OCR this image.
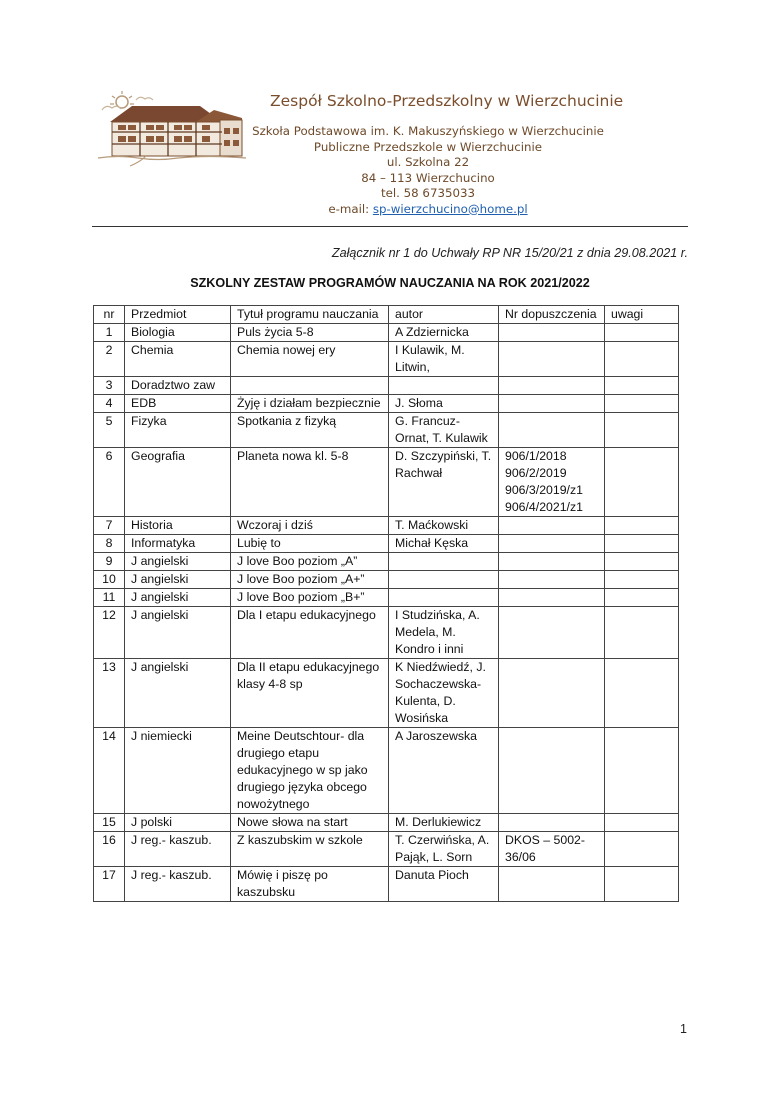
Zespół Szkolno-Przedszkolny w Wierzchucinie
Szkoła Podstawowa im. K. Makuszyńskiego w Wierzchucinie
Publiczne Przedszkole w Wierzchucinie
ul. Szkolna 22
84 – 113 Wierzchucino
tel. 58 6735033
e-mail: sp-wierzchucino@home.pl
Załącznik nr 1 do Uchwały RP NR 15/20/21 z dnia 29.08.2021 r.
SZKOLNY ZESTAW PROGRAMÓW NAUCZANIA NA ROK 2021/2022
nr	Przedmiot	Tytuł programu nauczania	autor	Nr dopuszczenia	uwagi
1	Biologia	Puls życia 5-8	A Zdziernicka		
2	Chemia	Chemia nowej ery	I Kulawik, M. Litwin,		
3	Doradztwo zaw				
4	EDB	Żyję i działam bezpiecznie	J. Słoma		
5	Fizyka	Spotkania z fizyką	G. Francuz-Ornat, T. Kulawik		
6	Geografia	Planeta nowa kl. 5-8	D. Szczypiński, T. Rachwał	906/1/2018 906/2/2019 906/3/2019/z1 906/4/2021/z1	
7	Historia	Wczoraj i dziś	T. Maćkowski		
8	Informatyka	Lubię to	Michał Kęska		
9	J angielski	J love Boo poziom „A”			
10	J angielski	J love Boo poziom „A+”			
11	J angielski	J love Boo poziom „B+”			
12	J angielski	Dla I etapu edukacyjnego	I Studzińska, A. Medela, M. Kondro i inni		
13	J angielski	Dla II etapu edukacyjnego klasy 4-8 sp	K Niedźwiedź, J. Sochaczewska-Kulenta, D. Wosińska		
14	J niemiecki	Meine Deutschtour- dla drugiego etapu edukacyjnego w sp jako drugiego języka obcego nowożytnego	A Jaroszewska		
15	J polski	Nowe słowa na start	M. Derlukiewicz		
16	J reg.- kaszub.	Z kaszubskim w szkole	T. Czerwińska, A. Pająk, L. Sorn	DKOS – 5002-36/06	
17	J reg.- kaszub.	Mówię i piszę po kaszubsku	Danuta Pioch		
1
